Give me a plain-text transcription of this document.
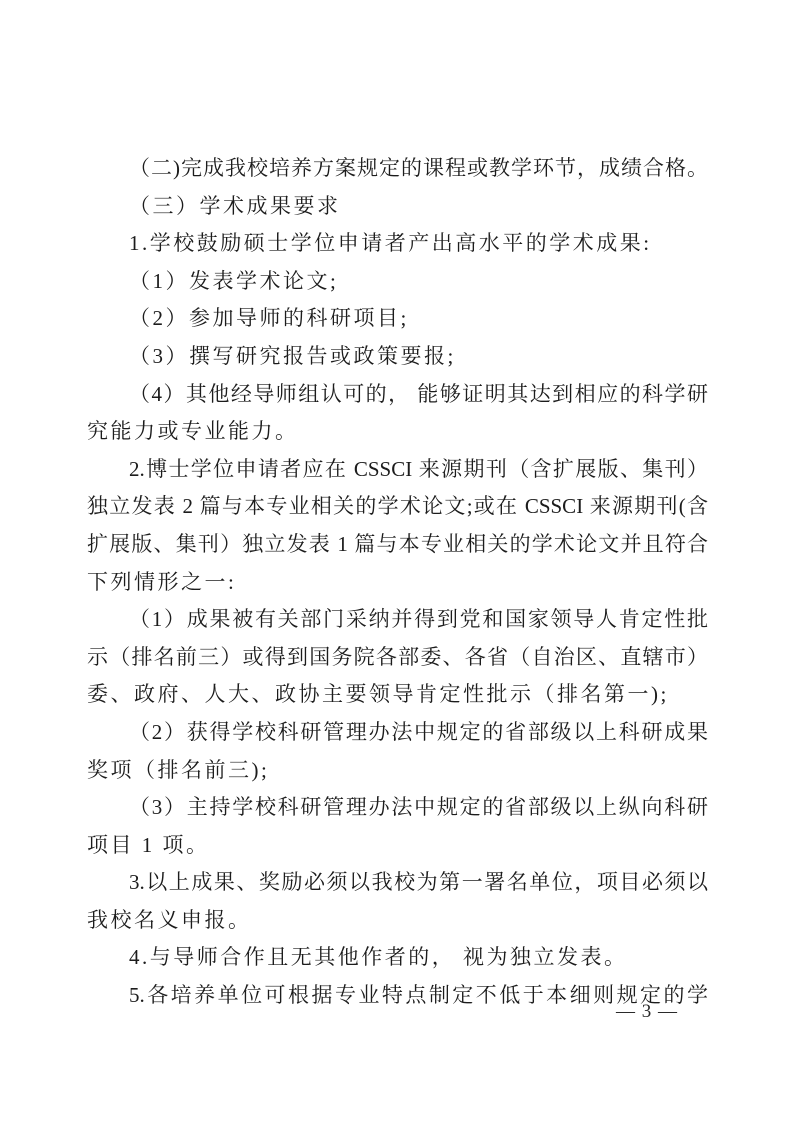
（二)完成我校培养方案规定的课程或教学环节，成绩合格。
（三）学术成果要求
1.学校鼓励硕士学位申请者产出高水平的学术成果:
（1）发表学术论文;
（2）参加导师的科研项目;
（3）撰写研究报告或政策要报;
（4）其他经导师组认可的， 能够证明其达到相应的科学研
究能力或专业能力。
2.博士学位申请者应在 CSSCI 来源期刊（含扩展版、集刊）
独立发表 2 篇与本专业相关的学术论文;或在 CSSCI 来源期刊(含
扩展版、集刊）独立发表 1 篇与本专业相关的学术论文并且符合
下列情形之一:
（1）成果被有关部门采纳并得到党和国家领导人肯定性批
示（排名前三）或得到国务院各部委、各省（自治区、直辖市）
委、政府、人大、政协主要领导肯定性批示（排名第一);
（2）获得学校科研管理办法中规定的省部级以上科研成果
奖项（排名前三);
（3）主持学校科研管理办法中规定的省部级以上纵向科研
项目 1 项。
3.以上成果、奖励必须以我校为第一署名单位，项目必须以
我校名义申报。
4.与导师合作且无其他作者的， 视为独立发表。
5.各培养单位可根据专业特点制定不低于本细则规定的学
— 3 —
